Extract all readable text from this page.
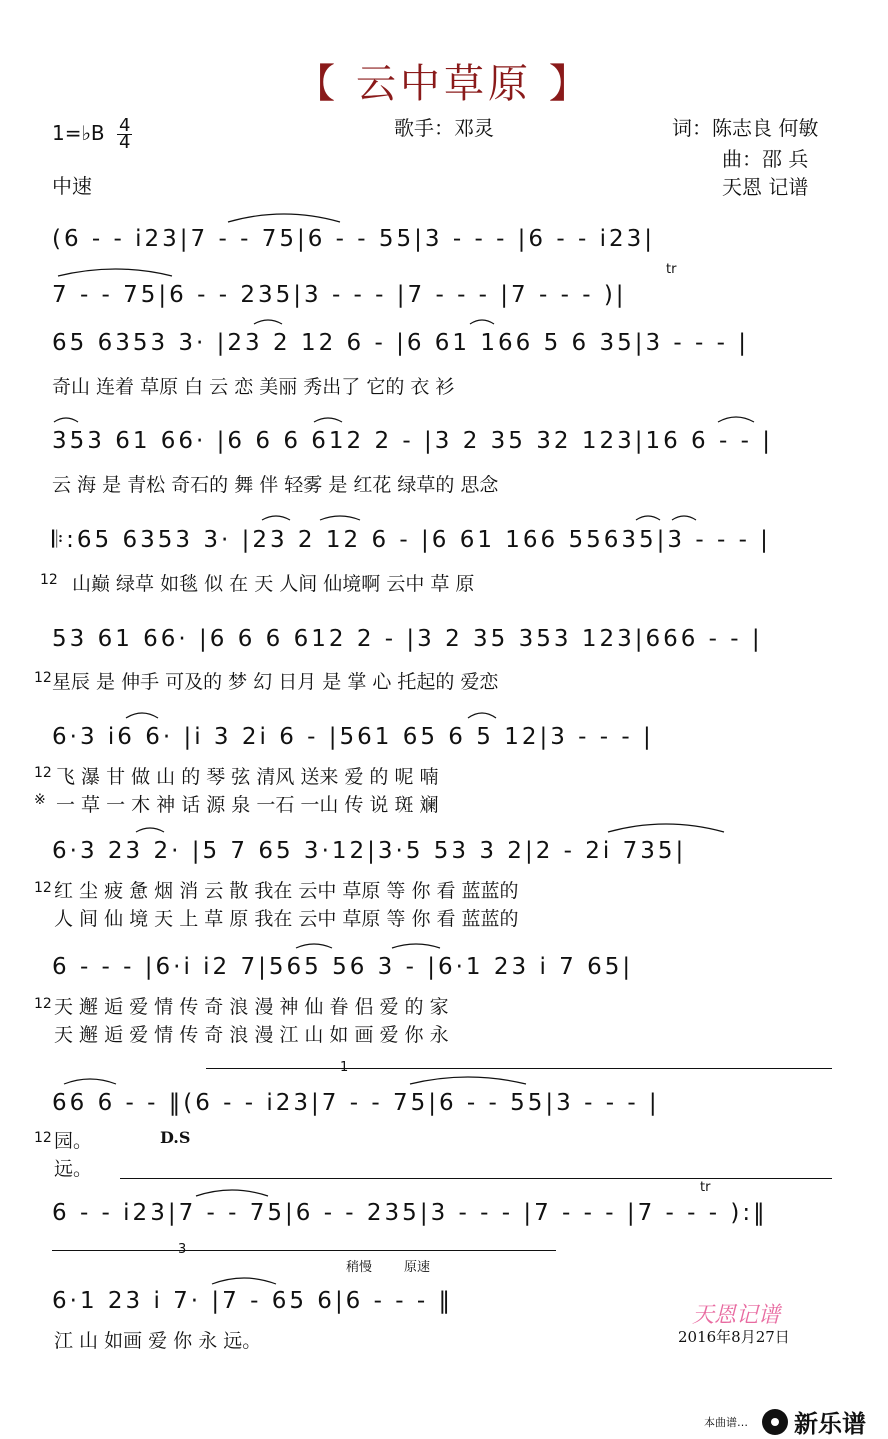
【 云中草原 】
1=♭B $\frac{4}{4}$
中速
歌手：邓灵	词：陈志良 何敏
曲：邵 兵
天恩 记谱
(6 - - i23|7 - - 75|6 - - 55|3 - - - |6 - - i23|
7 - - 75|6 - - 235|3 - - - |7 - - - |7 - - - )|
tr
65 6353 3· |23 2 12 6 - |6 61 166 5 6 35|3 - - - |
奇山 连着 草原 白 云 恋 美丽 秀出了 它的 衣 衫
353 61 66· |6 6 6 612 2 - |3 2 35 32 123|16 6 - - |
云 海 是 青松 奇石的 舞 伴 轻雾 是 红花 绿草的 思念
𝄆:65 6353 3· |23 2 12 6 - |6 61 166 55635|3 - - - |
12 山巅 绿草 如毯 似 在 天 人间 仙境啊 云中 草 原
53 61 66· |6 6 6 612 2 - |3 2 35 353 123|666 - - |
12 星辰 是 伸手 可及的 梦 幻 日月 是 掌 心 托起的 爱恋
6·3 i6 6· |i 3 2i 6 - |561 65 6 5 12|3 - - - |
12 飞 瀑 甘 做 山 的 琴 弦 清风 送来 爱 的 呢 喃
※ 一 草 一 木 神 话 源 泉 一石 一山 传 说 斑 斓
6·3 23 2· |5 7 65 3·12|3·5 53 3 2|2 - 2i 735|
12 红 尘 疲 惫 烟 消 云 散 我在 云中 草原 等 你 看 蓝蓝的
人 间 仙 境 天 上 草 原 我在 云中 草原 等 你 看 蓝蓝的
6 - - - |6·i i2 7|565 56 3 - |6·1 23 i 7 65|
12 天 邂 逅 爱 情 传 奇 浪 漫 神 仙 眷 侣 爱 的 家
天 邂 逅 爱 情 传 奇 浪 漫 江 山 如 画 爱 你 永
1
66 6 - - ‖(6 - - i23|7 - - 75|6 - - 55|3 - - - |
12 园。	D.S
远。
6 - - i23|7 - - 75|6 - - 235|3 - - - |7 - - - |7 - - - ):‖
tr
3
稍慢 原速
6·1 23 i 7· |7 - 65 6|6 - - - ‖
江 山 如画 爱 你 永 远。
天恩记谱
2016年8月27日
本曲谱… 新乐谱
